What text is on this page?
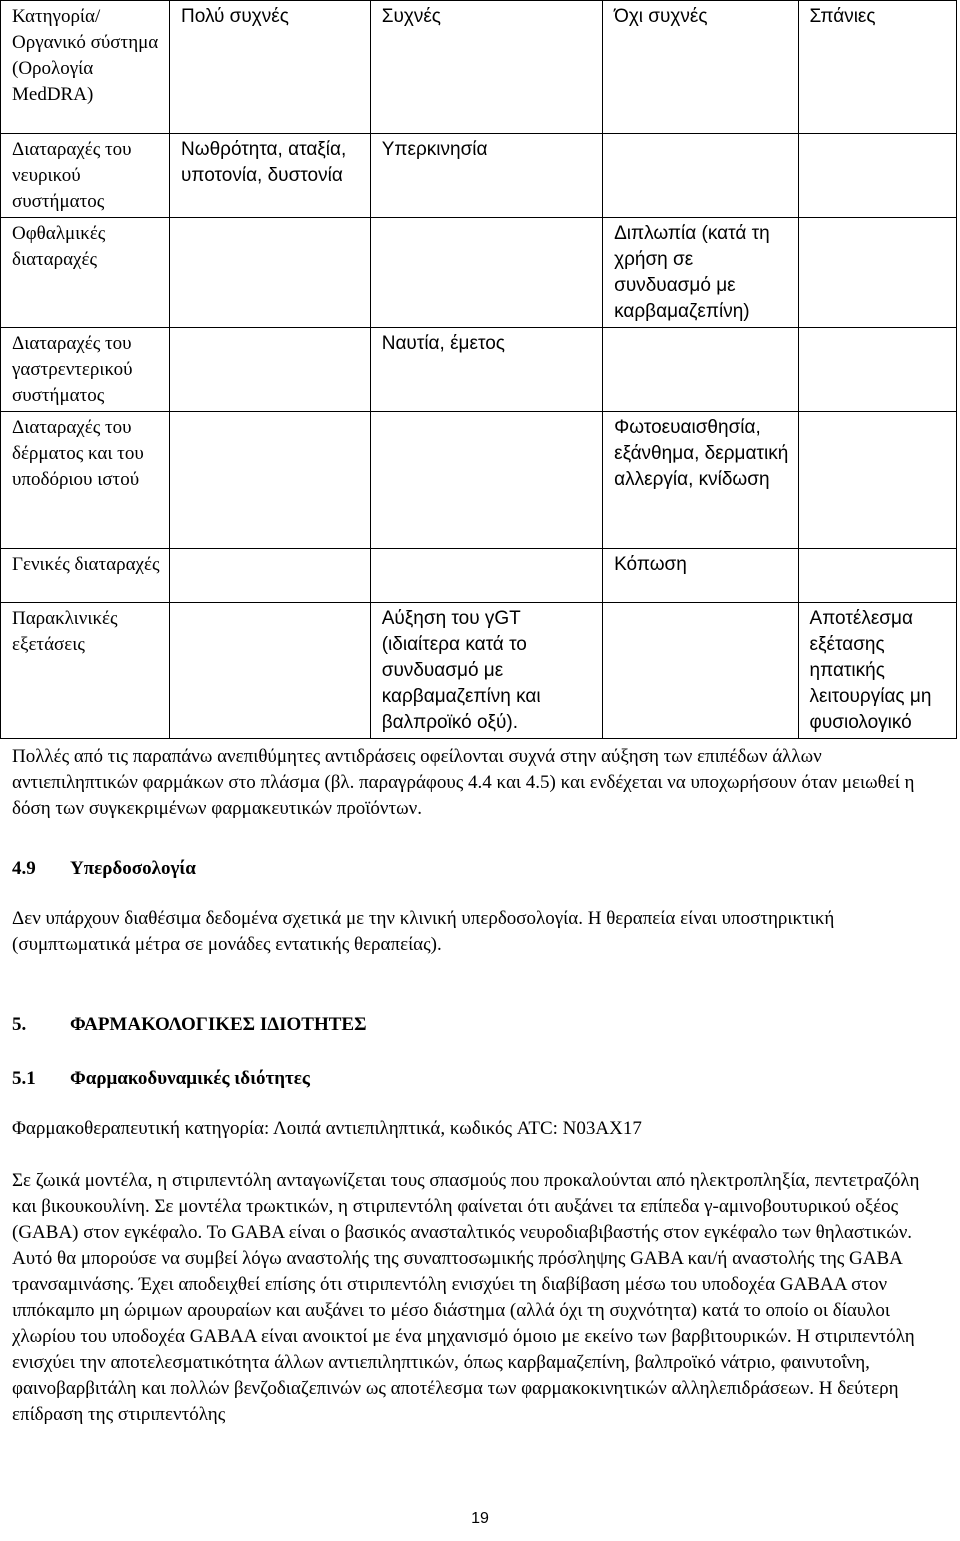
Κατηγορία/ Οργανικό σύστημα (Ορολογία MedDRA)	Πολύ συχνές	Συχνές	Όχι συχνές	Σπάνιες
Διαταραχές του νευρικού συστήματος	Νωθρότητα, αταξία, υποτονία, δυστονία	Υπερκινησία		
Οφθαλμικές διαταραχές			Διπλωπία (κατά τη χρήση σε συνδυασμό με καρβαμαζεπίνη)	
Διαταραχές του γαστρεντερικού συστήματος		Ναυτία, έμετος		
Διαταραχές του δέρματος και του υποδόριου ιστού			Φωτοευαισθησία, εξάνθημα, δερματική αλλεργία, κνίδωση	
Γενικές διαταραχές			Κόπωση	
Παρακλινικές εξετάσεις		Αύξηση του γGT (ιδιαίτερα κατά το συνδυασμό με καρβαμαζεπίνη και βαλπροϊκό οξύ).		Αποτέλεσμα εξέτασης ηπατικής λειτουργίας μη φυσιολογικό

Πολλές από τις παραπάνω ανεπιθύμητες αντιδράσεις οφείλονται συχνά στην αύξηση των επιπέδων άλλων αντιεπιληπτικών φαρμάκων στο πλάσμα (βλ. παραγράφους 4.4 και 4.5) και ενδέχεται να υποχωρήσουν όταν μειωθεί η δόση των συγκεκριμένων φαρμακευτικών προϊόντων.

4.9 Υπερδοσολογία

Δεν υπάρχουν διαθέσιμα δεδομένα σχετικά με την κλινική υπερδοσολογία. Η θεραπεία είναι υποστηρικτική (συμπτωματικά μέτρα σε μονάδες εντατικής θεραπείας).

5. ΦΑΡΜΑΚΟΛΟΓΙΚΕΣ ΙΔΙΟΤΗΤΕΣ

5.1 Φαρμακοδυναμικές ιδιότητες

Φαρμακοθεραπευτική κατηγορία: Λοιπά αντιεπιληπτικά, κωδικός ATC: N03AX17

Σε ζωικά μοντέλα, η στιριπεντόλη ανταγωνίζεται τους σπασμούς που προκαλούνται από ηλεκτροπληξία, πεντετραζόλη και βικουκουλίνη. Σε μοντέλα τρωκτικών, η στιριπεντόλη φαίνεται ότι αυξάνει τα επίπεδα γ-αμινοβουτυρικού οξέος (GABA) στον εγκέφαλο. Το GABA είναι ο βασικός ανασταλτικός νευροδιαβιβαστής στον εγκέφαλο των θηλαστικών. Αυτό θα μπορούσε να συμβεί λόγω αναστολής της συναπτοσωμικής πρόσληψης GABA και/ή αναστολής της GABA τρανσαμινάσης. Έχει αποδειχθεί επίσης ότι στιριπεντόλη ενισχύει τη διαβίβαση μέσω του υποδοχέα GABAA στον ιππόκαμπο μη ώριμων αρουραίων και αυξάνει το μέσο διάστημα (αλλά όχι τη συχνότητα) κατά το οποίο οι δίαυλοι χλωρίου του υποδοχέα GABAA είναι ανοικτοί με ένα μηχανισμό όμοιο με εκείνο των βαρβιτουρικών. Η στιριπεντόλη ενισχύει την αποτελεσματικότητα άλλων αντιεπιληπτικών, όπως καρβαμαζεπίνη, βαλπροϊκό νάτριο, φαινυτοΐνη, φαινοβαρβιτάλη και πολλών βενζοδιαζεπινών ως αποτέλεσμα των φαρμακοκινητικών αλληλεπιδράσεων. Η δεύτερη επίδραση της στιριπεντόλης

19
